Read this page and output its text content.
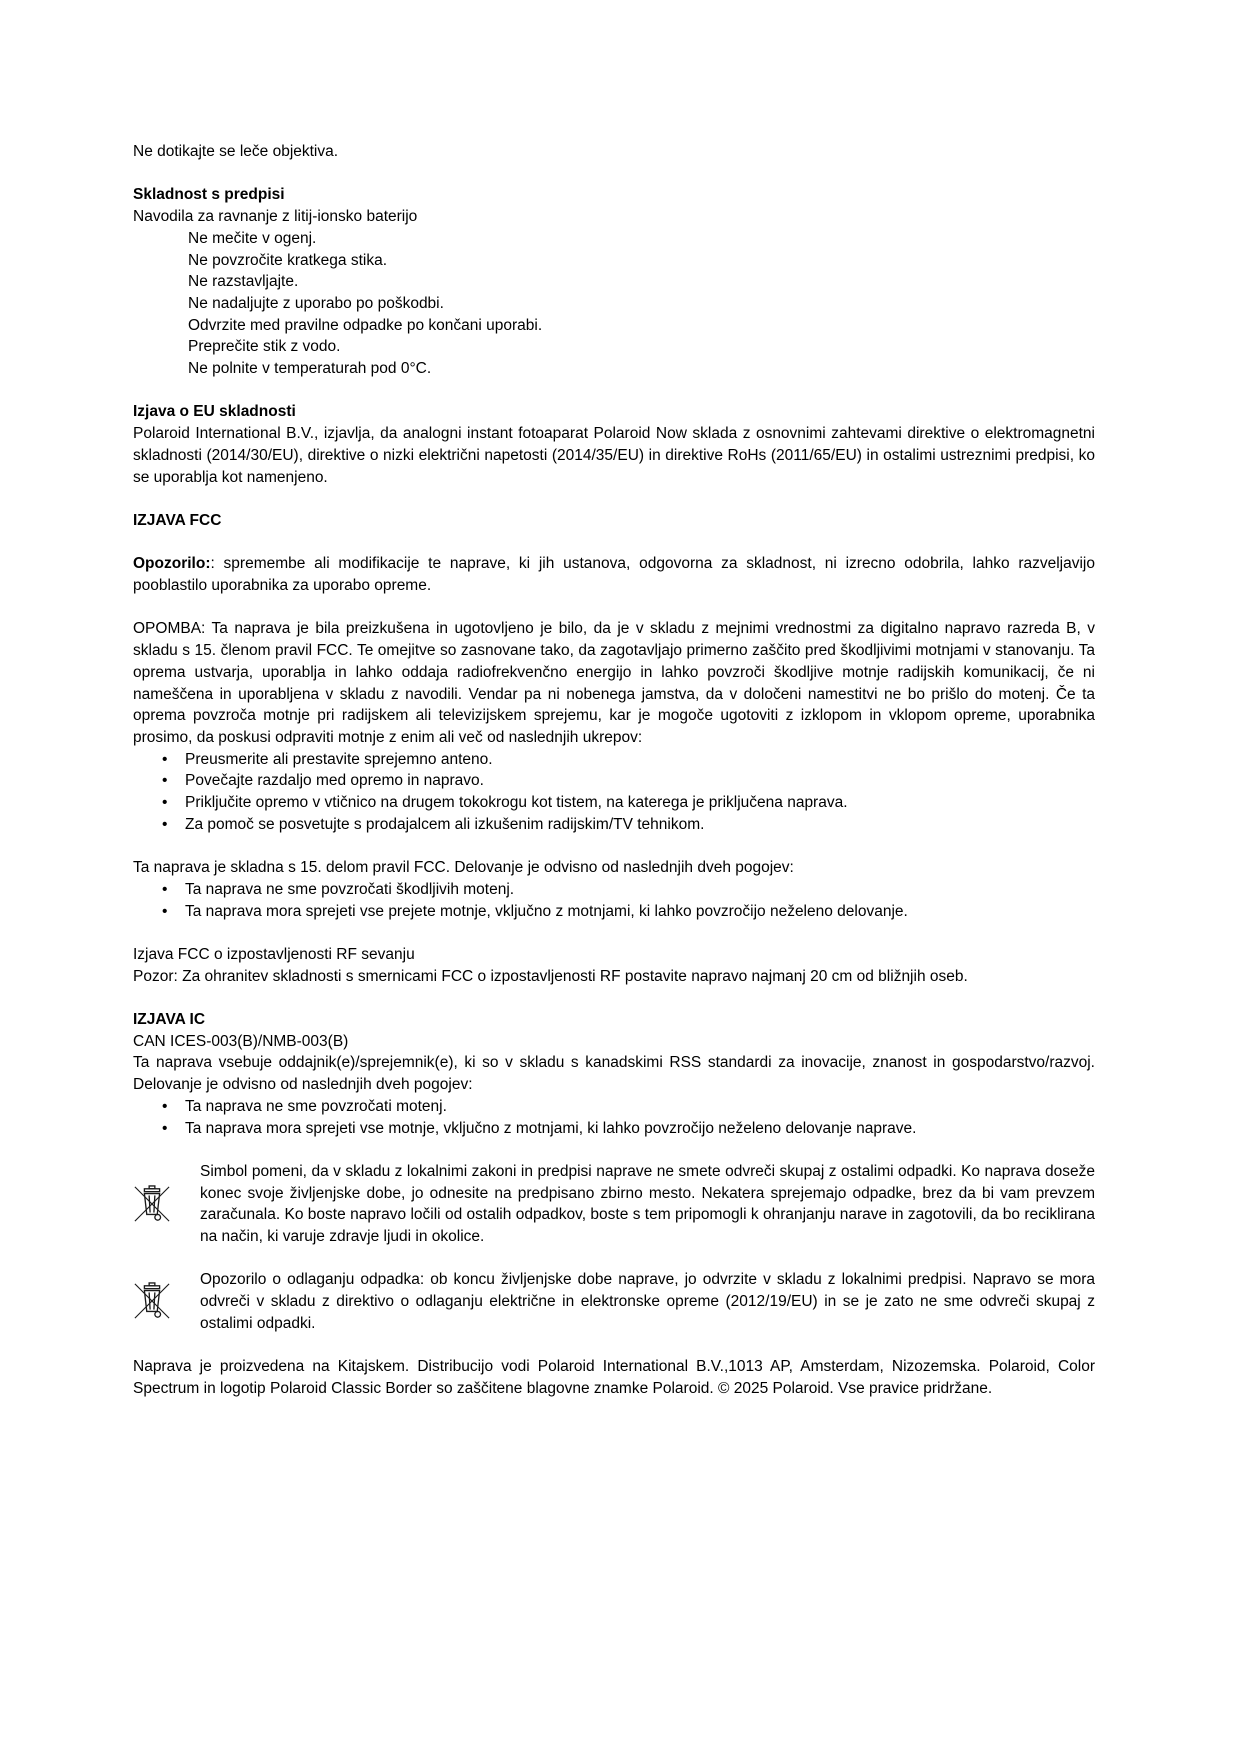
Ne dotikajte se leče objektiva.

Skladnost s predpisi

Navodila za ravnanje z litij-ionsko baterijo

Ne mečite v ogenj.

Ne povzročite kratkega stika.

Ne razstavljajte.

Ne nadaljujte z uporabo po poškodbi.

Odvrzite med pravilne odpadke po končani uporabi.

Preprečite stik z vodo.

Ne polnite v temperaturah pod 0°C.

Izjava o EU skladnosti

Polaroid International B.V., izjavlja, da analogni instant fotoaparat Polaroid Now sklada z osnovnimi zahtevami direktive o elektromagnetni skladnosti (2014/30/EU), direktive o nizki električni napetosti (2014/35/EU) in direktive RoHs (2011/65/EU) in ostalimi ustreznimi predpisi, ko se uporablja kot namenjeno.

IZJAVA FCC

Opozorilo:: spremembe ali modifikacije te naprave, ki jih ustanova, odgovorna za skladnost, ni izrecno odobrila, lahko razveljavijo pooblastilo uporabnika za uporabo opreme.

OPOMBA: Ta naprava je bila preizkušena in ugotovljeno je bilo, da je v skladu z mejnimi vrednostmi za digitalno napravo razreda B, v skladu s 15. členom pravil FCC. Te omejitve so zasnovane tako, da zagotavljajo primerno zaščito pred škodljivimi motnjami v stanovanju. Ta oprema ustvarja, uporablja in lahko oddaja radiofrekvenčno energijo in lahko povzroči škodljive motnje radijskih komunikacij, če ni nameščena in uporabljena v skladu z navodili. Vendar pa ni nobenega jamstva, da v določeni namestitvi ne bo prišlo do motenj. Če ta oprema povzroča motnje pri radijskem ali televizijskem sprejemu, kar je mogoče ugotoviti z izklopom in vklopom opreme, uporabnika prosimo, da poskusi odpraviti motnje z enim ali več od naslednjih ukrepov:

• Preusmerite ali prestavite sprejemno anteno.

• Povečajte razdaljo med opremo in napravo.

• Priključite opremo v vtičnico na drugem tokokrogu kot tistem, na katerega je priključena naprava.

• Za pomoč se posvetujte s prodajalcem ali izkušenim radijskim/TV tehnikom.

Ta naprava je skladna s 15. delom pravil FCC. Delovanje je odvisno od naslednjih dveh pogojev:

• Ta naprava ne sme povzročati škodljivih motenj.

• Ta naprava mora sprejeti vse prejete motnje, vključno z motnjami, ki lahko povzročijo neželeno delovanje.

Izjava FCC o izpostavljenosti RF sevanju

Pozor: Za ohranitev skladnosti s smernicami FCC o izpostavljenosti RF postavite napravo najmanj 20 cm od bližnjih oseb.

IZJAVA IC

CAN ICES-003(B)/NMB-003(B)

Ta naprava vsebuje oddajnik(e)/sprejemnik(e), ki so v skladu s kanadskimi RSS standardi za inovacije, znanost in gospodarstvo/razvoj. Delovanje je odvisno od naslednjih dveh pogojev:

• Ta naprava ne sme povzročati motenj.

• Ta naprava mora sprejeti vse motnje, vključno z motnjami, ki lahko povzročijo neželeno delovanje naprave.

Simbol pomeni, da v skladu z lokalnimi zakoni in predpisi naprave ne smete odvreči skupaj z ostalimi odpadki. Ko naprava doseže konec svoje življenjske dobe, jo odnesite na predpisano zbirno mesto. Nekatera sprejemajo odpadke, brez da bi vam prevzem zaračunala. Ko boste napravo ločili od ostalih odpadkov, boste s tem pripomogli k ohranjanju narave in zagotovili, da bo reciklirana na način, ki varuje zdravje ljudi in okolice.

Opozorilo o odlaganju odpadka: ob koncu življenjske dobe naprave, jo odvrzite v skladu z lokalnimi predpisi. Napravo se mora odvreči v skladu z direktivo o odlaganju električne in elektronske opreme (2012/19/EU) in se je zato ne sme odvreči skupaj z ostalimi odpadki.

Naprava je proizvedena na Kitajskem. Distribucijo vodi Polaroid International B.V.,1013 AP, Amsterdam, Nizozemska. Polaroid, Color Spectrum in logotip Polaroid Classic Border so zaščitene blagovne znamke Polaroid. © 2025 Polaroid. Vse pravice pridržane.
